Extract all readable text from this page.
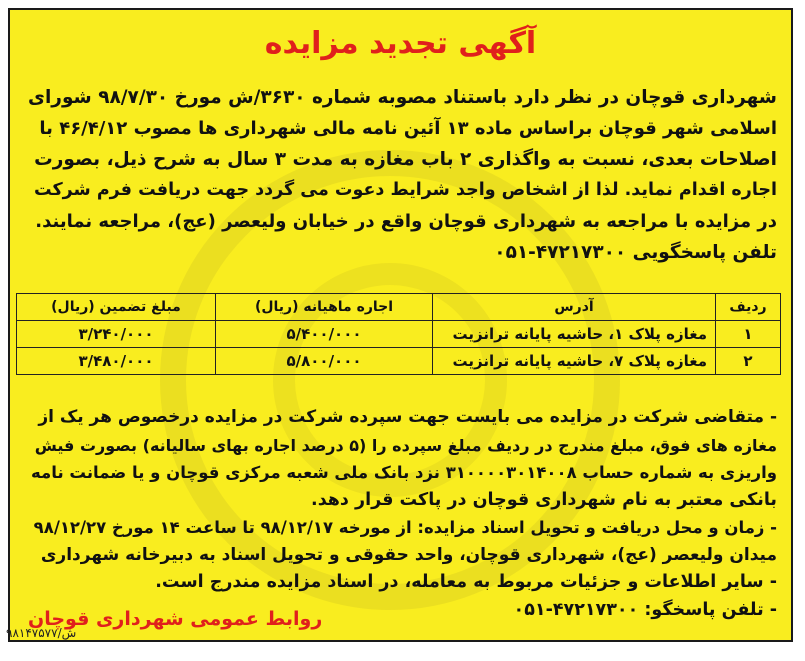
آگهی تجدید مزایده

شهرداری قوچان در نظر دارد باستناد مصوبه شماره ۳۶۳۰/ش مورخ ۹۸/۷/۳۰ شورای
اسلامی شهر قوچان براساس ماده ۱۳ آئین نامه مالی شهرداری ها مصوب ۴۶/۴/۱۲ با
اصلاحات بعدی، نسبت به واگذاری ۲ باب مغازه به مدت ۳ سال به شرح ذیل، بصورت
اجاره اقدام نماید. لذا از اشخاص واجد شرایط دعوت می گردد جهت دریافت فرم شرکت
در مزایده با مراجعه به شهرداری قوچان واقع در خیابان ولیعصر (عج)، مراجعه نمایند.
تلفن پاسخگویی ۴۷۲۱۷۳۰۰-۰۵۱

ردیف	آدرس	اجاره ماهیانه (ریال)	مبلغ تضمین (ریال)
۱	مغازه پلاک ۱، حاشیه پایانه ترانزیت	۵/۴۰۰/۰۰۰	۳/۲۴۰/۰۰۰
۲	مغازه پلاک ۷، حاشیه پایانه ترانزیت	۵/۸۰۰/۰۰۰	۳/۴۸۰/۰۰۰

- متقاضی شرکت در مزایده می بایست جهت سپرده شرکت در مزایده درخصوص هر یک از
مغازه های فوق، مبلغ مندرج در ردیف مبلغ سپرده را (۵ درصد اجاره بهای سالیانه) بصورت فیش
واریزی به شماره حساب ۳۱۰۰۰۰۳۰۱۴۰۰۸ نزد بانک ملی شعبه مرکزی قوچان و یا ضمانت نامه
بانکی معتبر به نام شهرداری قوچان در پاکت قرار دهد.
- زمان و محل دریافت و تحویل اسناد مزایده: از مورخه ۹۸/۱۲/۱۷ تا ساعت ۱۴ مورخ ۹۸/۱۲/۲۷
میدان ولیعصر (عج)، شهرداری قوچان، واحد حقوقی و تحویل اسناد به دبیرخانه شهرداری
- سایر اطلاعات و جزئیات مربوط به معامله، در اسناد مزایده مندرج است.
- تلفن پاسخگو: ۴۷۲۱۷۳۰۰-۰۵۱

روابط عمومی شهرداری قوچان
ش/۹۸۱۴۷۵۷۷
